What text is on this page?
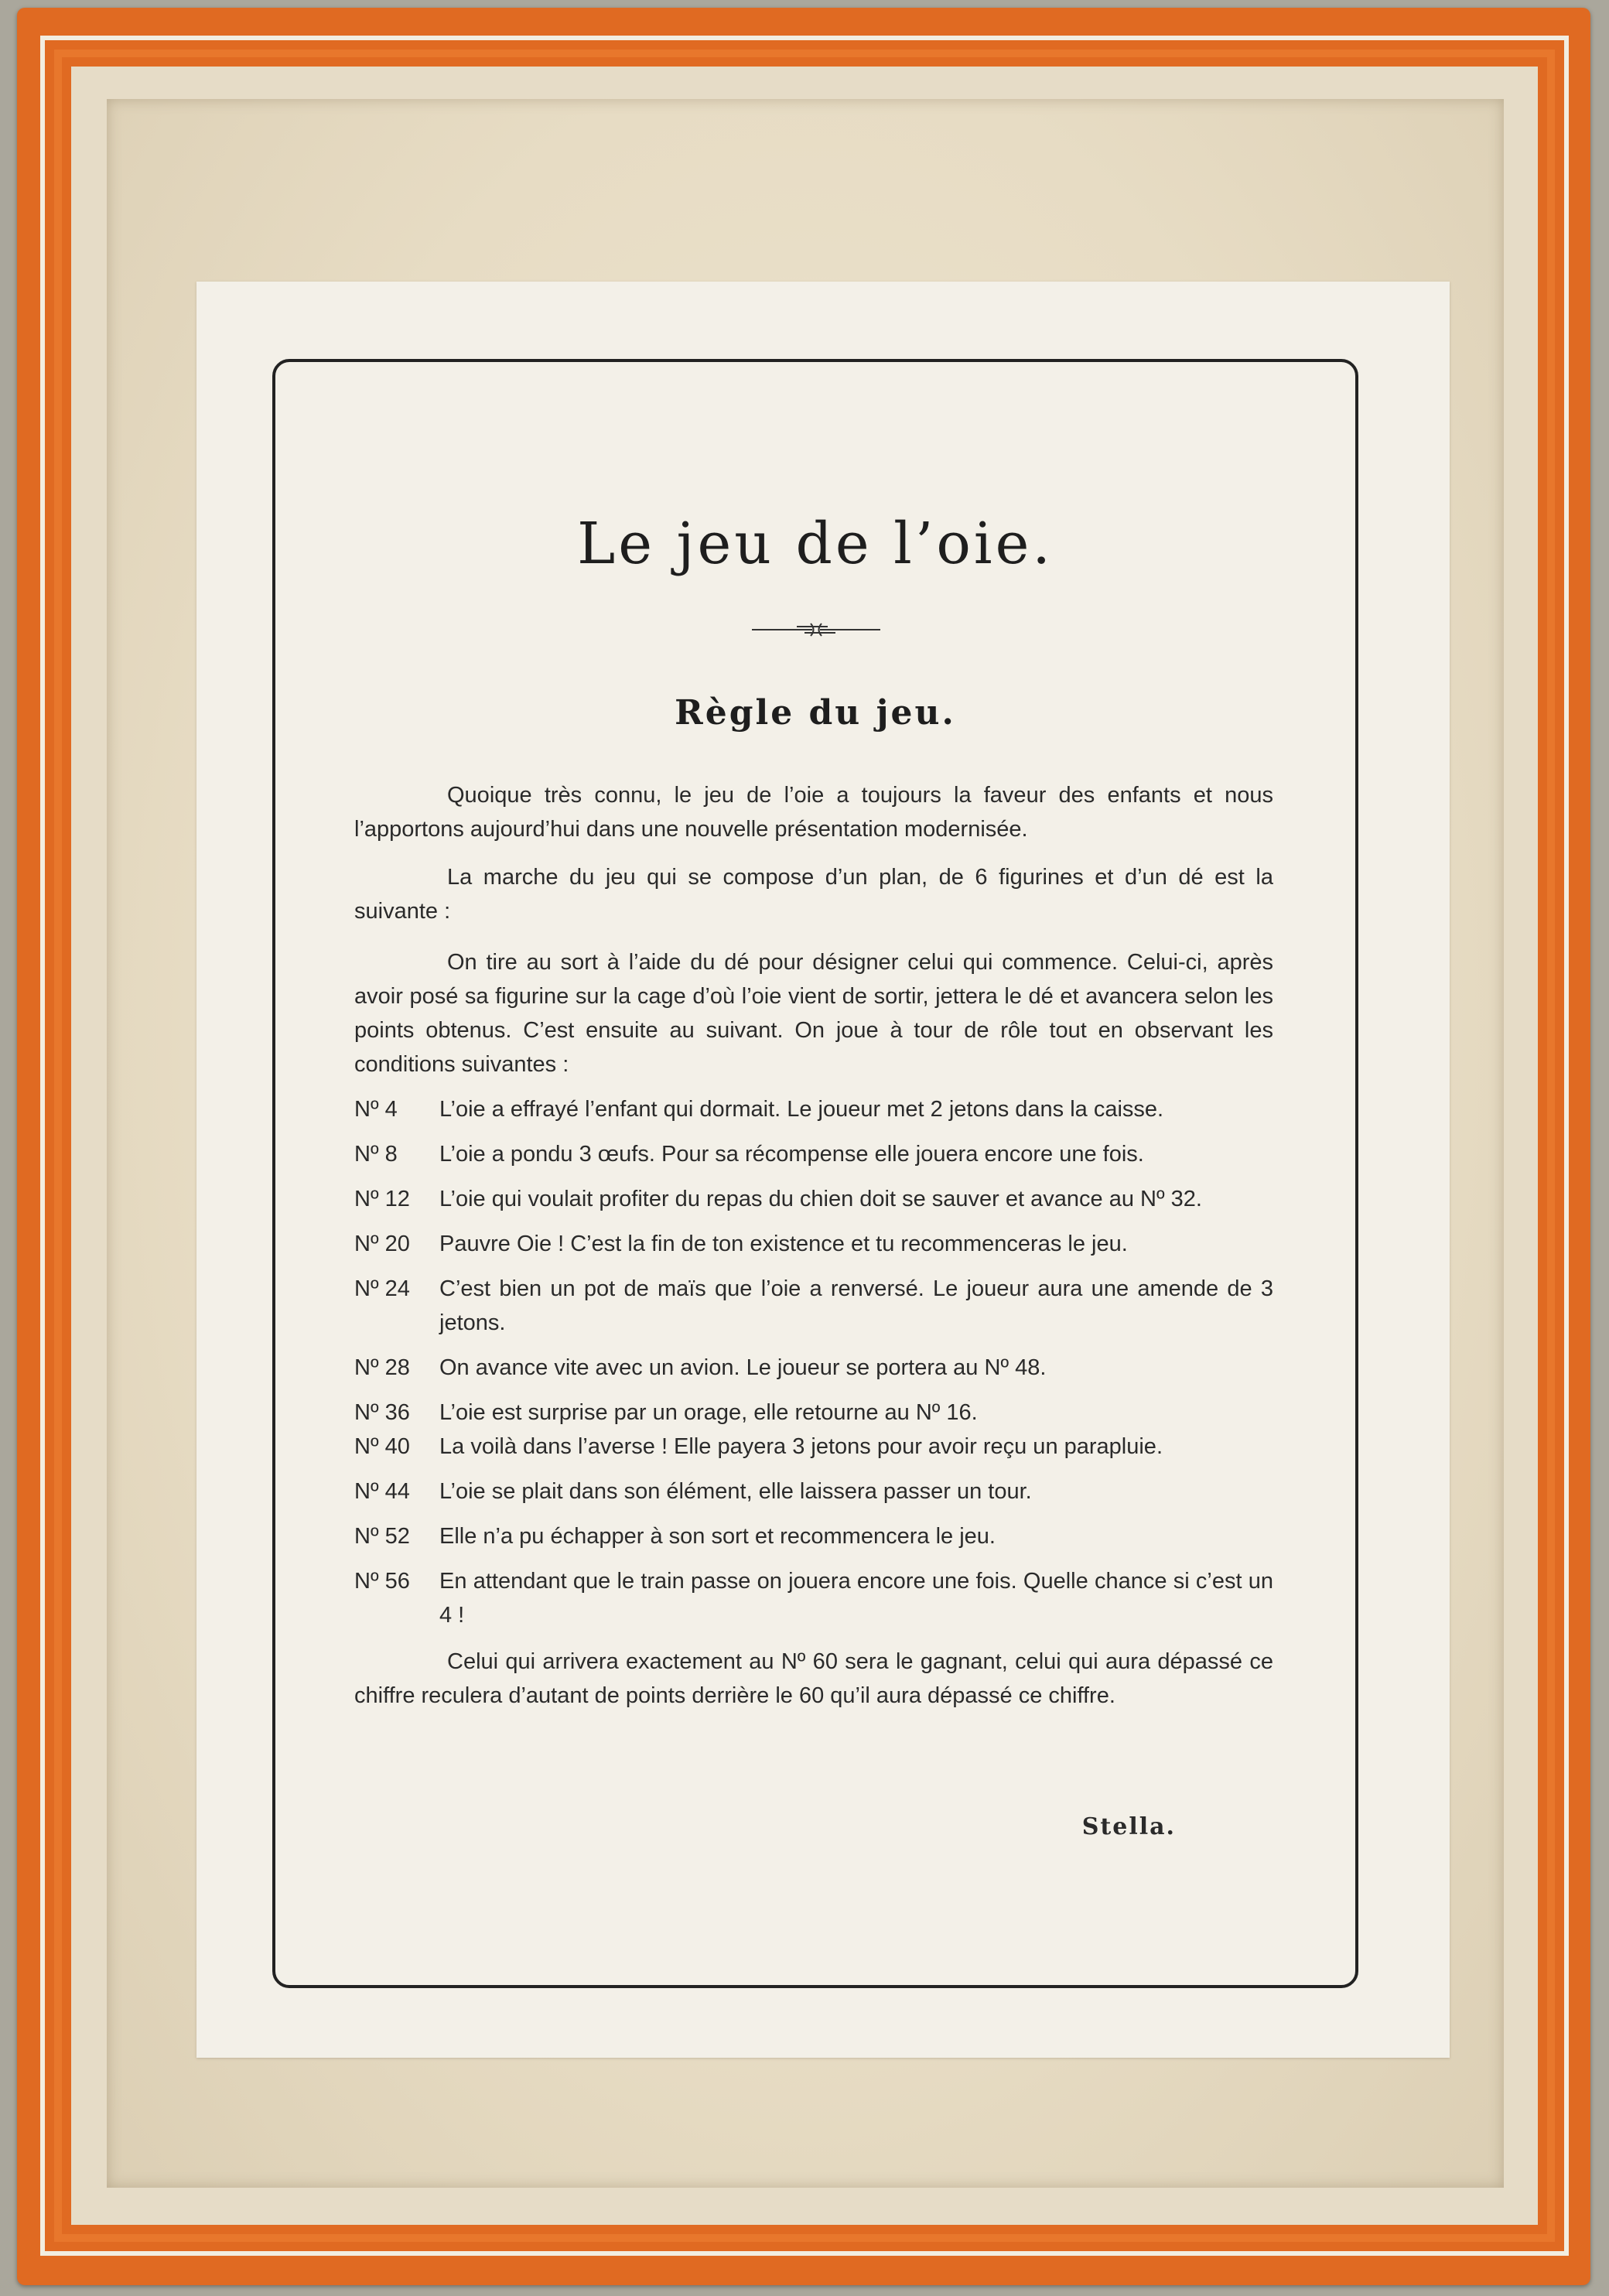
Le jeu de l’oie.
Règle du jeu.

Quoique très connu, le jeu de l’oie a toujours la faveur des enfants et nous l’apportons aujourd’hui dans une nouvelle présentation modernisée.

La marche du jeu qui se compose d’un plan, de 6 figurines et d’un dé est la suivante :

On tire au sort à l’aide du dé pour désigner celui qui commence. Celui-ci, après avoir posé sa figurine sur la cage d’où l’oie vient de sortir, jettera le dé et avancera selon les points obtenus. C’est ensuite au suivant. On joue à tour de rôle tout en observant les conditions suivantes :

Nº 4	L’oie a effrayé l’enfant qui dormait. Le joueur met 2 jetons dans la caisse.
Nº 8	L’oie a pondu 3 œufs. Pour sa récompense elle jouera encore une fois.
Nº 12	L’oie qui voulait profiter du repas du chien doit se sauver et avance au Nº 32.
Nº 20	Pauvre Oie ! C’est la fin de ton existence et tu recommenceras le jeu.
Nº 24	C’est bien un pot de maïs que l’oie a renversé. Le joueur aura une amende de 3 jetons.
Nº 28	On avance vite avec un avion. Le joueur se portera au Nº 48.
Nº 36	L’oie est surprise par un orage, elle retourne au Nº 16.
Nº 40	La voilà dans l’averse ! Elle payera 3 jetons pour avoir reçu un parapluie.
Nº 44	L’oie se plait dans son élément, elle laissera passer un tour.
Nº 52	Elle n’a pu échapper à son sort et recommencera le jeu.
Nº 56	En attendant que le train passe on jouera encore une fois. Quelle chance si c’est un 4 !

Celui qui arrivera exactement au Nº 60 sera le gagnant, celui qui aura dépassé ce chiffre reculera d’autant de points derrière le 60 qu’il aura dépassé ce chiffre.

Stella.
